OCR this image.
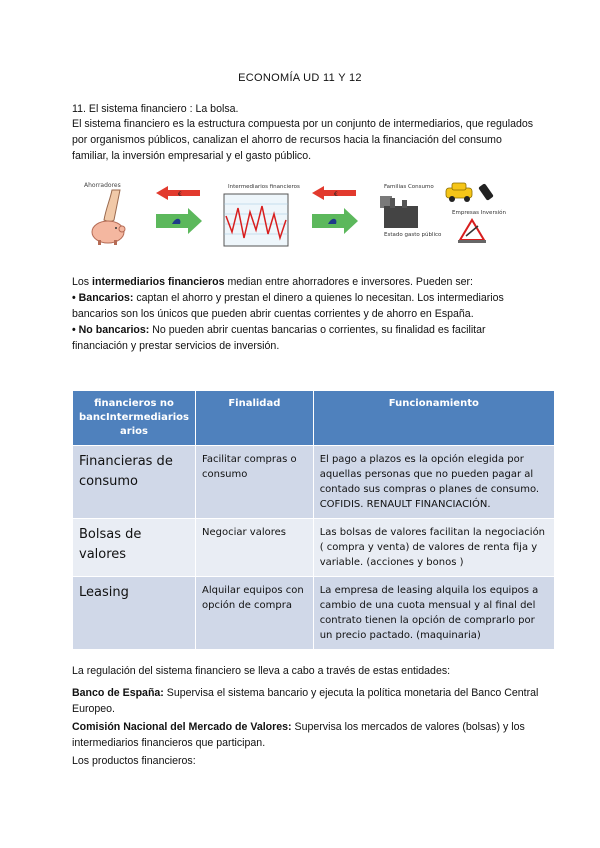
ECONOMÍA UD 11 Y 12
11. El sistema financiero : La bolsa.
El sistema financiero es la estructura compuesta por un conjunto de intermediarios, que regulados por organismos públicos, canalizan el ahorro de recursos hacia la financiación del consumo familiar, la inversión empresarial y el gasto público.
Ahorradores
€
Intermediarios financieros
€
Familias Consumo
Estado gasto público
Empresas Inversión
Los intermediarios financieros median entre ahorradores e inversores. Pueden ser:
• Bancarios: captan el ahorro y prestan el dinero a quienes lo necesitan. Los intermediarios bancarios son los únicos que pueden abrir cuentas corrientes y de ahorro en España.
• No bancarios: No pueden abrir cuentas bancarias o corrientes, su finalidad es facilitar financiación y prestar servicios de inversión.
financieros no bancIntermediarios arios	Finalidad	Funcionamiento
Financieras de consumo	Facilitar compras o consumo	El pago a plazos es la opción elegida por aquellas personas que no pueden pagar al contado sus compras o planes de consumo. COFIDIS. RENAULT FINANCIACIÓN.
Bolsas de valores	Negociar valores	Las bolsas de valores facilitan la negociación ( compra y venta) de valores de renta fija y variable. (acciones y bonos )
Leasing	Alquilar equipos con opción de compra	La empresa de leasing alquila los equipos a cambio de una cuota mensual y al final del contrato tienen la opción de comprarlo por un precio pactado. (maquinaria)
La regulación del sistema financiero se lleva a cabo a través de estas entidades:
Banco de España: Supervisa el sistema bancario y ejecuta la política monetaria del Banco Central Europeo.
Comisión Nacional del Mercado de Valores: Supervisa los mercados de valores (bolsas) y los intermediarios financieros que participan.
Los productos financieros:
